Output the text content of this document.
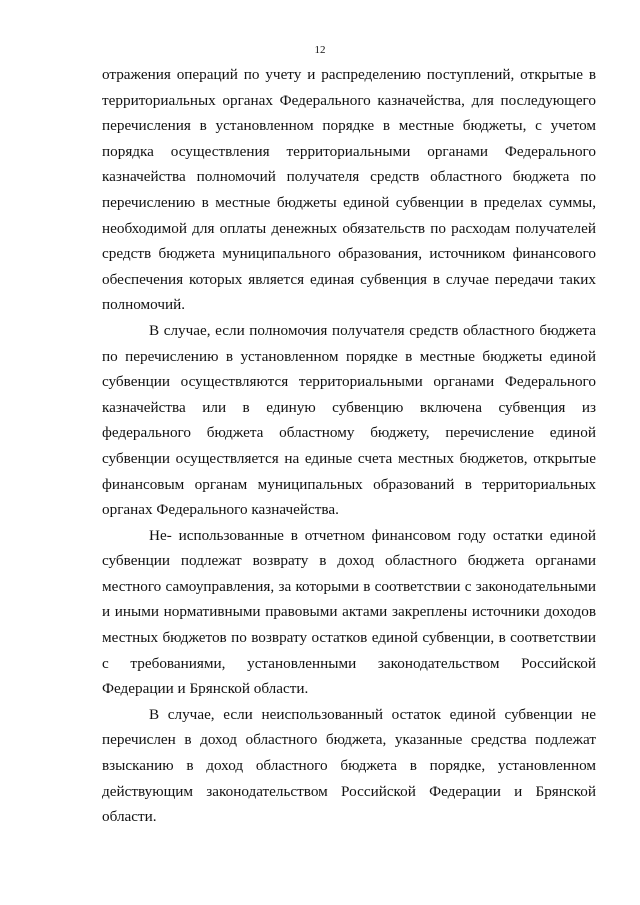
12

отражения операций по учету и распределению поступлений, открытые в территориальных органах Федерального казначейства, для последующего перечисления в установленном порядке в местные бюджеты, с учетом порядка осуществления территориальными органами Федерального казначейства полномочий получателя средств областного бюджета по перечислению в местные бюджеты единой субвенции в пределах суммы, необходимой для оплаты денежных обязательств по расходам получателей средств бюджета муниципального образования, источником финансового обеспечения которых является единая субвенция в случае передачи таких полномочий.

В случае, если полномочия получателя средств областного бюджета по перечислению в установленном порядке в местные бюджеты единой субвенции осуществляются территориальными органами Федерального казначейства или в единую субвенцию включена субвенция из федерального бюджета областному бюджету, перечисление единой субвенции осуществляется на единые счета местных бюджетов, открытые финансовым органам муниципальных образований в территориальных органах Федерального казначейства.

Не- использованные в отчетном финансовом году остатки единой субвенции подлежат возврату в доход областного бюджета органами местного самоуправления, за которыми в соответствии с законодательными и иными нормативными правовыми актами закреплены источники доходов местных бюджетов по возврату остатков единой субвенции, в соответствии с требованиями, установленными законодательством Российской Федерации и Брянской области.

В случае, если неиспользованный остаток единой субвенции не перечислен в доход областного бюджета, указанные средства подлежат взысканию в доход областного бюджета в порядке, установленном действующим законодательством Российской Федерации и Брянской области.
